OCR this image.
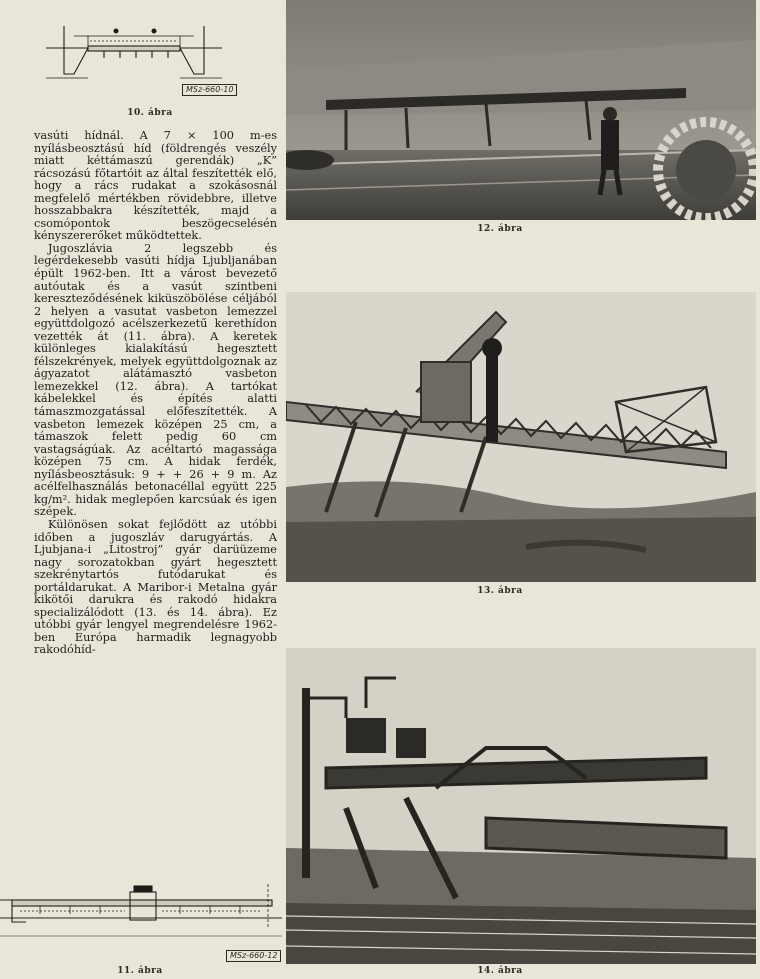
MSz-660-10
10. ábra

vasúti hídnál. A 7 × 100 m-es nyílásbeosztású híd (földrengés veszély miatt kéttámaszú gerendák) „K” rácsozású főtartóit az által feszítették elő, hogy a rács rudakat a szokásosnál megfelelő mértékben rövidebbre, illetve hosszabbakra készítették, majd a csomópontok beszögecselésén kényszererőket működtettek.

Jugoszlávia 2 legszebb és legérdekesebb vasúti hídja Ljubljanában épült 1962-ben. Itt a várost bevezető autóutak és a vasút szintbeni kereszteződésének kiküszöbölése céljából 2 helyen a vasutat vasbeton lemezzel együttdolgozó acélszerkezetű kerethídon vezették át (11. ábra). A keretek különleges kialakítású hegesztett félszekrények, melyek együttdolgoznak az ágyazatot alátámasztó vasbeton lemezekkel (12. ábra). A tartókat kábelekkel és építés alatti támaszmozgatással előfeszítették. A vasbeton lemezek középen 25 cm, a támaszok felett pedig 60 cm vastagságúak. Az acéltartó magassága középen 75 cm. A hidak ferdék, nyílásbeosztásuk: 9 + + 26 + 9 m. Az acélfelhasználás betonacéllal együtt 225 kg/m². hidak meglepően karcsúak és igen szépek.

Különösen sokat fejlődött az utóbbi időben a jugoszláv darugyártás. A Ljubjana-i „Litostroj” gyár darüüzeme nagy sorozatokban gyárt hegesztett szekrénytartós futódarukat és portáldarukat. A Maribor-i Metalna gyár kikötői darukra és rakodó hidakra specializálódott (13. és 14. ábra). Ez utóbbi gyár lengyel megrendelésre 1962-ben Európa harmadik legnagyobb rakodóhíd-

MSz-660-12
11. ábra
12. ábra
13. ábra
14. ábra
